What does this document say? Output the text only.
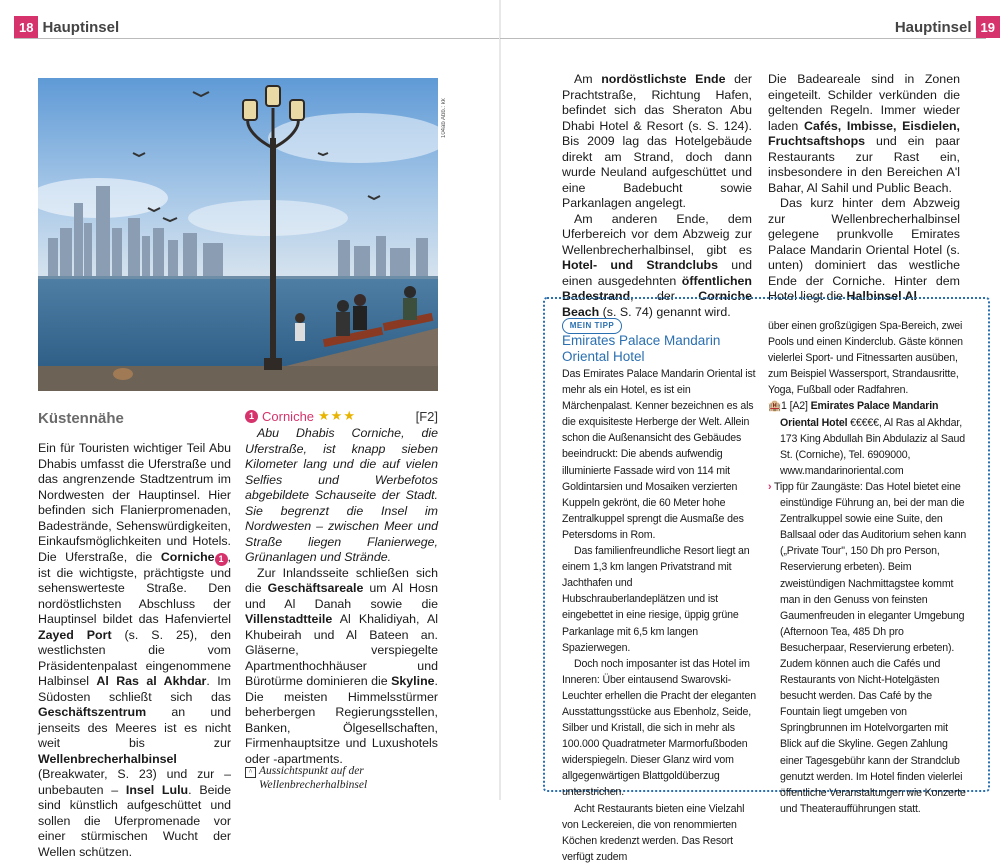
18 Hauptinsel
104ab Abb.: kk
Küstennähe

Ein für Touristen wichtiger Teil Abu Dhabis umfasst die Uferstraße und das angrenzende Stadtzentrum im Nordwesten der Hauptinsel. Hier befinden sich Flanierpromenaden, Badestrände, Sehenswürdigkeiten, Einkaufsmöglichkeiten und Hotels. Die Uferstraße, die Corniche 1 , ist die wichtigste, prächtigste und sehenswerteste Straße. Den nordöstlichsten Abschluss der Hauptinsel bildet das Hafenviertel Zayed Port (s. S. 25), den westlichsten die vom Präsidentenpalast eingenommene Halbinsel Al Ras al Akhdar. Im Südosten schließt sich das Geschäftszentrum an und jenseits des Meeres ist es nicht weit bis zur Wellenbrecherhalbinsel (Breakwater, S. 23) und zur – unbebauten – Insel Lulu. Beide sind künstlich aufgeschüttet und sollen die Uferpromenade vor einer stürmischen Wucht der Wellen schützen.

1 Corniche ★★★	[F2]

Abu Dhabis Corniche, die Uferstraße, ist knapp sieben Kilometer lang und die auf vielen Selfies und Werbefotos abgebildete Schauseite der Stadt. Sie begrenzt die Insel im Nordwesten – zwischen Meer und Straße liegen Flanierwege, Grünanlagen und Strände.

Zur Inlandsseite schließen sich die Geschäftsareale um Al Hosn und Al Danah sowie die Villenstadtteile Al Khalidiyah, Al Khubeirah und Al Bateen an. Gläserne, verspiegelte Apartmenthochhäuser und Bürotürme dominieren die Skyline. Die meisten Himmelsstürmer beherbergen Regierungsstellen, Banken, Ölgesellschaften, Firmenhauptsitze und Luxushotels oder -apartments.

^ Aussichtspunkt auf der Wellenbrecherhalbinsel
Hauptinsel 19

Am nordöstlichste Ende der Prachtstraße, Richtung Hafen, befindet sich das Sheraton Abu Dhabi Hotel & Resort (s. S. 124). Bis 2009 lag das Hotelgebäude direkt am Strand, doch dann wurde Neuland aufgeschüttet und eine Badebucht sowie Parkanlagen angelegt.

Am anderen Ende, dem Uferbereich vor dem Abzweig zur Wellenbrecherhalbinsel, gibt es Hotel- und Strandclubs und einen ausgedehnten öffentlichen Badestrand, der Corniche Beach (s. S. 74) genannt wird.

Die Badeareale sind in Zonen eingeteilt. Schilder verkünden die geltenden Regeln. Immer wieder laden Cafés, Imbisse, Eisdielen, Fruchtsaftshops und ein paar Restaurants zur Rast ein, insbesondere in den Bereichen A'l Bahar, Al Sahil und Public Beach.

Das kurz hinter dem Abzweig zur Wellenbrecherhalbinsel gelegene prunkvolle Emirates Palace Mandarin Oriental Hotel (s. unten) dominiert das westliche Ende der Corniche. Hinter dem Hotel liegt die Halbinsel Al

MEIN TIPP
Emirates Palace Mandarin Oriental Hotel

Das Emirates Palace Mandarin Oriental ist mehr als ein Hotel, es ist ein Märchenpalast. Kenner bezeichnen es als die exquisiteste Herberge der Welt. Allein schon die Außenansicht des Gebäudes beeindruckt: Die abends aufwendig illuminierte Fassade wird von 114 mit Goldintarsien und Mosaiken verzierten Kuppeln gekrönt, die 60 Meter hohe Zentralkuppel sprengt die Ausmaße des Petersdoms in Rom.

Das familienfreundliche Resort liegt an einem 1,3 km langen Privatstrand mit Jachthafen und Hubschrauberlandeplätzen und ist eingebettet in eine riesige, üppig grüne Parkanlage mit 6,5 km langen Spazierwegen.

Doch noch imposanter ist das Hotel im Inneren: Über eintausend Swarovski-Leuchter erhellen die Pracht der eleganten Ausstattungsstücke aus Ebenholz, Seide, Silber und Kristall, die sich in mehr als 100.000 Quadratmeter Marmorfußboden widerspiegeln. Dieser Glanz wird vom allgegenwärtigen Blattgoldüberzug unterstrichen.

Acht Restaurants bieten eine Vielzahl von Leckereien, die von renommierten Köchen kredenzt werden. Das Resort verfügt zudem

über einen großzügigen Spa-Bereich, zwei Pools und einen Kinderclub. Gäste können vielerlei Sport- und Fitnessarten ausüben, zum Beispiel Wassersport, Strandausritte, Yoga, Fußball oder Radfahren.

🏨1 [A2] Emirates Palace Mandarin Oriental Hotel €€€€€, Al Ras al Akhdar, 173 King Abdullah Bin Abdulaziz al Saud St. (Corniche), Tel. 6909000, www.mandarinoriental.com

› Tipp für Zaungäste: Das Hotel bietet eine einstündige Führung an, bei der man die Zentralkuppel sowie eine Suite, den Ballsaal oder das Auditorium sehen kann („Private Tour", 150 Dh pro Person, Reservierung erbeten). Beim zweistündigen Nachmittagstee kommt man in den Genuss von feinsten Gaumenfreuden in eleganter Umgebung (Afternoon Tea, 485 Dh pro Besucherpaar, Reservierung erbeten). Zudem können auch die Cafés und Restaurants von Nicht-Hotelgästen besucht werden. Das Café by the Fountain liegt umgeben von Springbrunnen im Hotelvorgarten mit Blick auf die Skyline. Gegen Zahlung einer Tagesgebühr kann der Strandclub genutzt werden. Im Hotel finden vielerlei öffentliche Veranstaltungen wie Konzerte und Theateraufführungen statt.
